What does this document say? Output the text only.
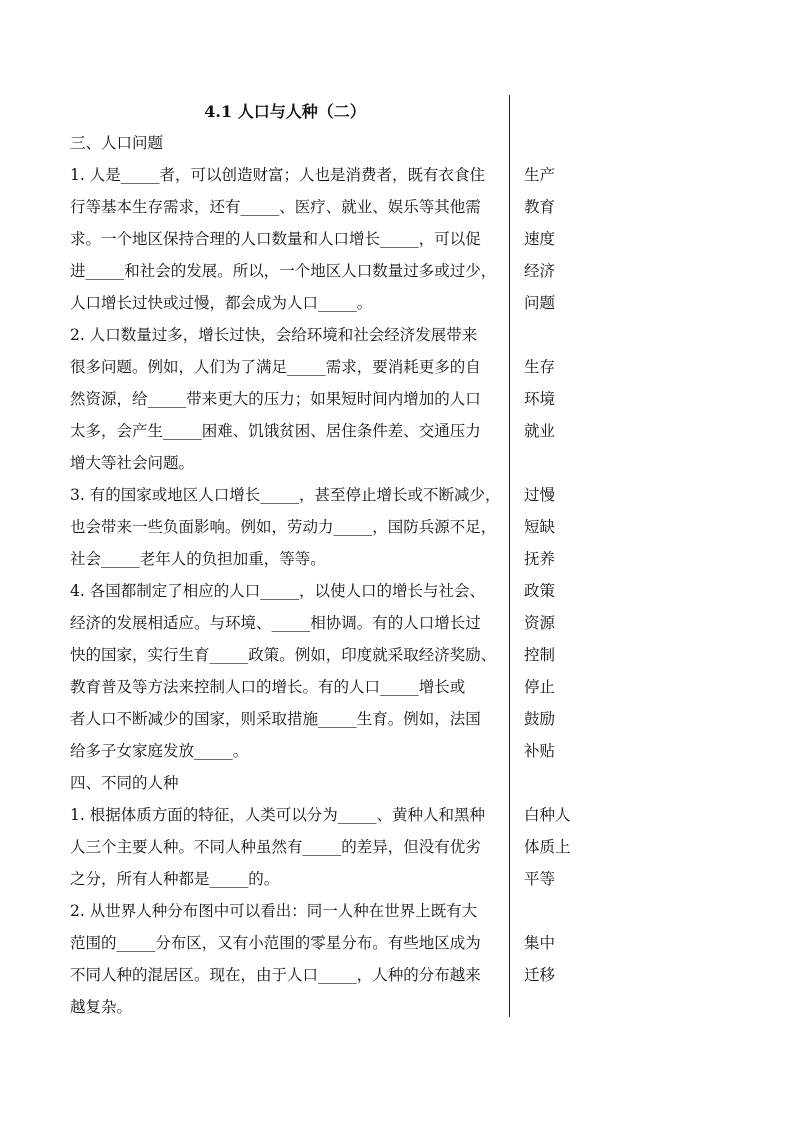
4.1 人口与人种（二）
三、人口问题
1. 人是_____者，可以创造财富；人也是消费者，既有衣食住
行等基本生存需求，还有_____、医疗、就业、娱乐等其他需
求。一个地区保持合理的人口数量和人口增长_____，可以促
进_____和社会的发展。所以，一个地区人口数量过多或过少，
人口增长过快或过慢，都会成为人口_____。
2. 人口数量过多，增长过快，会给环境和社会经济发展带来
很多问题。例如，人们为了满足_____需求，要消耗更多的自
然资源，给_____带来更大的压力；如果短时间内增加的人口
太多，会产生_____困难、饥饿贫困、居住条件差、交通压力
增大等社会问题。
3. 有的国家或地区人口增长_____，甚至停止增长或不断减少，
也会带来一些负面影响。例如，劳动力_____，国防兵源不足，
社会_____老年人的负担加重，等等。
4. 各国都制定了相应的人口_____，以使人口的增长与社会、
经济的发展相适应。与环境、_____相协调。有的人口增长过
快的国家，实行生育_____政策。例如，印度就采取经济奖励、
教育普及等方法来控制人口的增长。有的人口_____增长或
者人口不断减少的国家，则采取措施_____生育。例如，法国
给多子女家庭发放_____。
四、不同的人种
1. 根据体质方面的特征，人类可以分为_____、黄种人和黑种
人三个主要人种。不同人种虽然有_____的差异，但没有优劣
之分，所有人种都是_____的。
2. 从世界人种分布图中可以看出：同一人种在世界上既有大
范围的_____分布区，又有小范围的零星分布。有些地区成为
不同人种的混居区。现在，由于人口_____，人种的分布越来
越复杂。
生产
教育
速度
经济
问题
生存
环境
就业
过慢
短缺
抚养
政策
资源
控制
停止
鼓励
补贴
白种人
体质上
平等
集中
迁移
